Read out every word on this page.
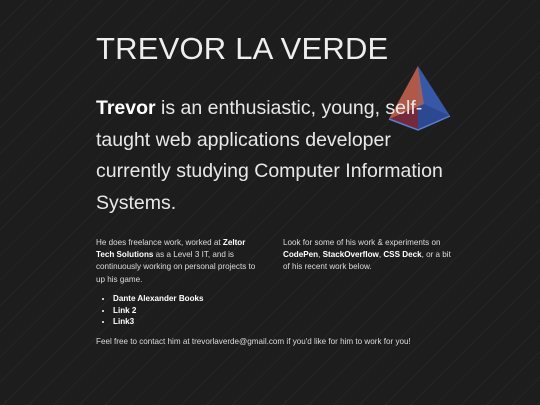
TREVOR LA VERDE

Trevor is an enthusiastic, young, self-taught web applications developer currently studying Computer Information Systems.

He does freelance work, worked at Zeltor Tech Solutions as a Level 3 IT, and is continuously working on personal projects to up his game.
Look for some of his work & experiments on CodePen, StackOverflow, CSS Deck, or a bit of his recent work below.
• Dante Alexander Books
• Link 2
• Link3
Feel free to contact him at trevorlaverde@gmail.com if you'd like for him to work for you!
